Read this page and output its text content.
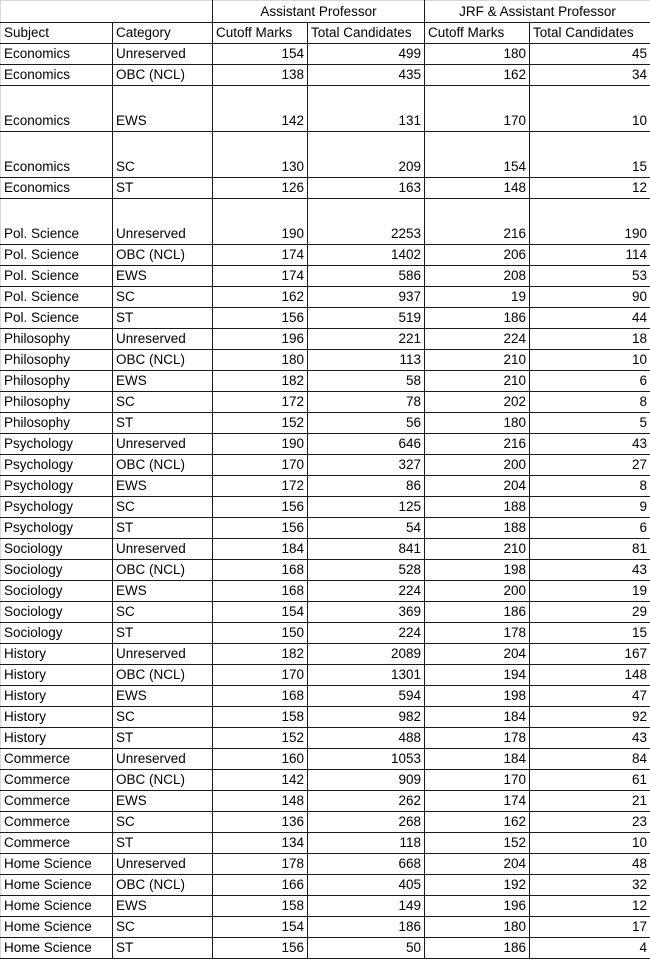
		Assistant Professor		JRF & Assistant Professor	
Subject	Category	Cutoff Marks	Total Candidates	Cutoff Marks	Total Candidates
Economics	Unreserved	154	499	180	45
Economics	OBC (NCL)	138	435	162	34
Economics	EWS	142	131	170	10
Economics	SC	130	209	154	15
Economics	ST	126	163	148	12
Pol. Science	Unreserved	190	2253	216	190
Pol. Science	OBC (NCL)	174	1402	206	114
Pol. Science	EWS	174	586	208	53
Pol. Science	SC	162	937	19	90
Pol. Science	ST	156	519	186	44
Philosophy	Unreserved	196	221	224	18
Philosophy	OBC (NCL)	180	113	210	10
Philosophy	EWS	182	58	210	6
Philosophy	SC	172	78	202	8
Philosophy	ST	152	56	180	5
Psychology	Unreserved	190	646	216	43
Psychology	OBC (NCL)	170	327	200	27
Psychology	EWS	172	86	204	8
Psychology	SC	156	125	188	9
Psychology	ST	156	54	188	6
Sociology	Unreserved	184	841	210	81
Sociology	OBC (NCL)	168	528	198	43
Sociology	EWS	168	224	200	19
Sociology	SC	154	369	186	29
Sociology	ST	150	224	178	15
History	Unreserved	182	2089	204	167
History	OBC (NCL)	170	1301	194	148
History	EWS	168	594	198	47
History	SC	158	982	184	92
History	ST	152	488	178	43
Commerce	Unreserved	160	1053	184	84
Commerce	OBC (NCL)	142	909	170	61
Commerce	EWS	148	262	174	21
Commerce	SC	136	268	162	23
Commerce	ST	134	118	152	10
Home Science	Unreserved	178	668	204	48
Home Science	OBC (NCL)	166	405	192	32
Home Science	EWS	158	149	196	12
Home Science	SC	154	186	180	17
Home Science	ST	156	50	186	4
